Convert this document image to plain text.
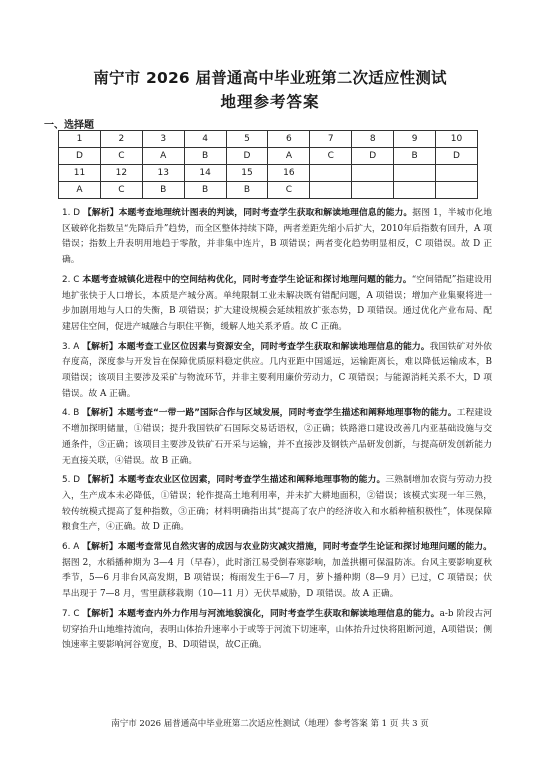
南宁市 2026 届普通高中毕业班第二次适应性测试
地理参考答案
一、选择题
1	2	3	4	5	6	7	8	9	10
D	C	A	B	D	A	C	D	B	D
11	12	13	14	15	16				
A	C	B	B	B	C				
1. D 【解析】本题考查地理统计图表的判读，同时考查学生获取和解读地理信息的能力。据图 1，半城市化地区破碎化指数呈“先降后升”趋势，而全区整体持续下降，两者差距先缩小后扩大，2010年后指数有回升，A 项错误；指数上升表明用地趋于零散，并非集中连片，B 项错误；两者变化趋势明显相反，C 项错误。故 D 正确。
2. C 本题考查城镇化进程中的空间结构优化，同时考查学生论证和探讨地理问题的能力。“空间错配”指建设用地扩张快于人口增长，本质是产城分离。单纯限制工业未解决既有错配问题，A 项错误；增加产业集聚将进一步加剧用地与人口的失衡，B 项错误；扩大建设规模会延续粗放扩张态势，D 项错误。通过优化产业布局、配建居住空间，促进产城融合与职住平衡，缓解人地关系矛盾。故 C 正确。
3. A 【解析】本题考查工业区位因素与资源安全，同时考查学生获取和解读地理信息的能力。我国铁矿对外依存度高，深度参与开发旨在保障优质原料稳定供应。几内亚距中国遥远，运输距离长，难以降低运输成本，B 项错误；该项目主要涉及采矿与物流环节，并非主要利用廉价劳动力，C 项错误；与能源消耗关系不大，D 项错误。故 A 正确。
4. B 【解析】本题考查“一带一路”国际合作与区域发展，同时考查学生描述和阐释地理事物的能力。工程建设不增加探明储量，①错误；提升我国铁矿石国际交易话语权，②正确；铁路港口建设改善几内亚基础设施与交通条件，③正确；该项目主要涉及铁矿石开采与运输，并不直接涉及钢铁产品研发创新，与提高研发创新能力无直接关联，④错误。故 B 正确。
5. D 【解析】本题考查农业区位因素，同时考查学生描述和阐释地理事物的能力。三熟制增加农资与劳动力投入，生产成本未必降低，①错误；轮作提高土地利用率，并未扩大耕地面积，②错误；该模式实现一年三熟，较传统模式提高了复种指数，③正确；材料明确指出其“提高了农户的经济收入和水稻种植积极性”，体现保障粮食生产，④正确。故 D 正确。
6. A 【解析】本题考查常见自然灾害的成因与农业防灾减灾措施，同时考查学生论证和探讨地理问题的能力。据图 2，水稻播种期为 3—4 月（早春），此时浙江易受倒春寒影响，加盖拱棚可保温防冻。台风主要影响夏秋季节，5—6 月非台风高发期，B 项错误；梅雨发生于6—7 月，萝卜播种期（8—9 月）已过，C 项错误；伏旱出现于 7—8 月，雪里蕻移栽期（10—11 月）无伏旱威胁，D 项错误。故 A 正确。
7. C 【解析】本题考查内外力作用与河流地貌演化，同时考查学生获取和解读地理信息的能力。a-b 阶段古河切穿抬升山地维持流向，表明山体抬升速率小于或等于河流下切速率，山体抬升过快将阻断河道，A项错误；侧蚀速率主要影响河谷宽度，B、D项错误，故C正确。
南宁市 2026 届普通高中毕业班第二次适应性测试（地理）参考答案 第 1 页 共 3 页
